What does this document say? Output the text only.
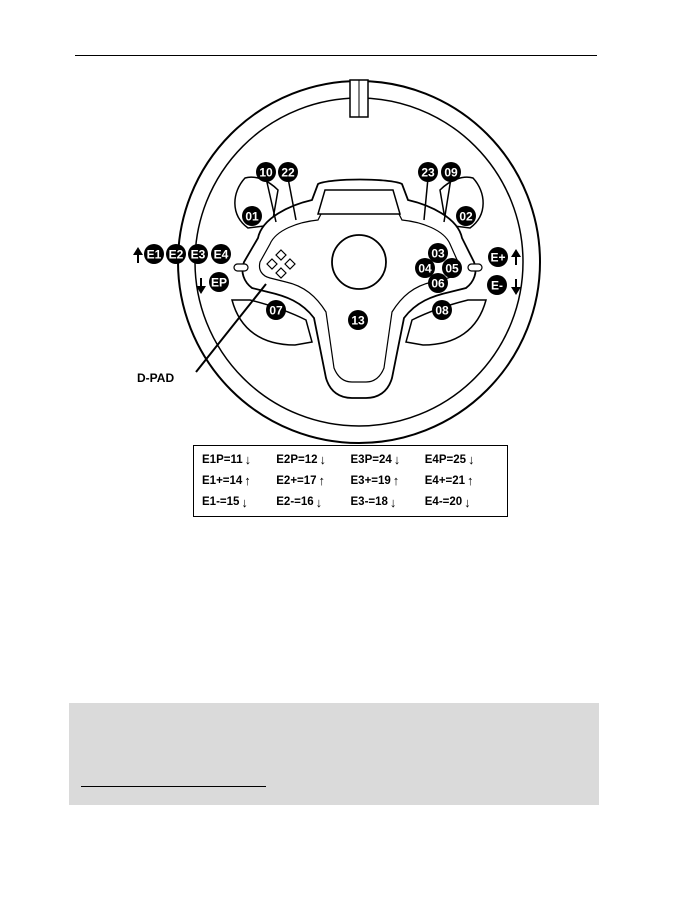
10 22	23 09
01	02
03
04 05
06
07	08
13
E1 E2 E3 E4
EP
E+
E-
D-PAD
E1P=11 ↓ E2P=12 ↓ E3P=24 ↓ E4P=25 ↓
E1+=14 ↑ E2+=17 ↑ E3+=19 ↑ E4+=21 ↑
E1-=15 ↓ E2-=16 ↓ E3-=18 ↓ E4-=20 ↓
